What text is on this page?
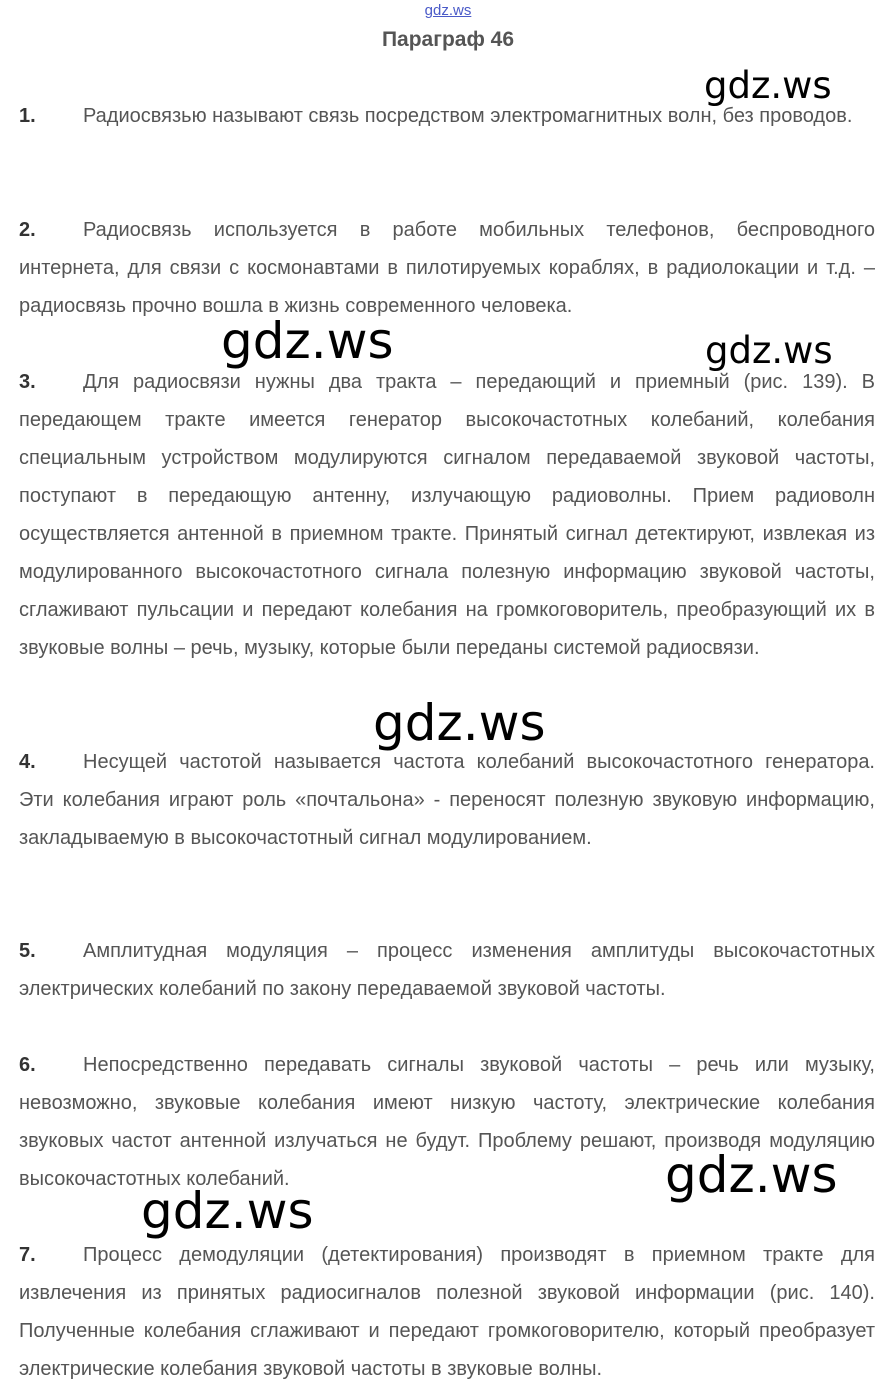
gdz.ws
Параграф 46

1. Радиосвязью называют связь посредством электромагнитных волн, без проводов.

2. Радиосвязь используется в работе мобильных телефонов, беспроводного интернета, для связи с космонавтами в пилотируемых кораблях, в радиолокации и т.д. – радиосвязь прочно вошла в жизнь современного человека.

3. Для радиосвязи нужны два тракта – передающий и приемный (рис. 139). В передающем тракте имеется генератор высокочастотных колебаний, колебания специальным устройством модулируются сигналом передаваемой звуковой частоты, поступают в передающую антенну, излучающую радиоволны. Прием радиоволн осуществляется антенной в приемном тракте. Принятый сигнал детектируют, извлекая из модулированного высокочастотного сигнала полезную информацию звуковой частоты, сглаживают пульсации и передают колебания на громкоговоритель, преобразующий их в звуковые волны – речь, музыку, которые были переданы системой радиосвязи.

4. Несущей частотой называется частота колебаний высокочастотного генератора. Эти колебания играют роль «почтальона» - переносят полезную звуковую информацию, закладываемую в высокочастотный сигнал модулированием.

5. Амплитудная модуляция – процесс изменения амплитуды высокочастотных электрических колебаний по закону передаваемой звуковой частоты.

6. Непосредственно передавать сигналы звуковой частоты – речь или музыку, невозможно, звуковые колебания имеют низкую частоту, электрические колебания звуковых частот антенной излучаться не будут. Проблему решают, производя модуляцию высокочастотных колебаний.

7. Процесс демодуляции (детектирования) производят в приемном тракте для извлечения из принятых радиосигналов полезной звуковой информации (рис. 140). Полученные колебания сглаживают и передают громкоговорителю, который преобразует электрические колебания звуковой частоты в звуковые волны.

gdz.ws
gdz.ws	gdz.ws
gdz.ws
gdz.ws
gdz.ws
